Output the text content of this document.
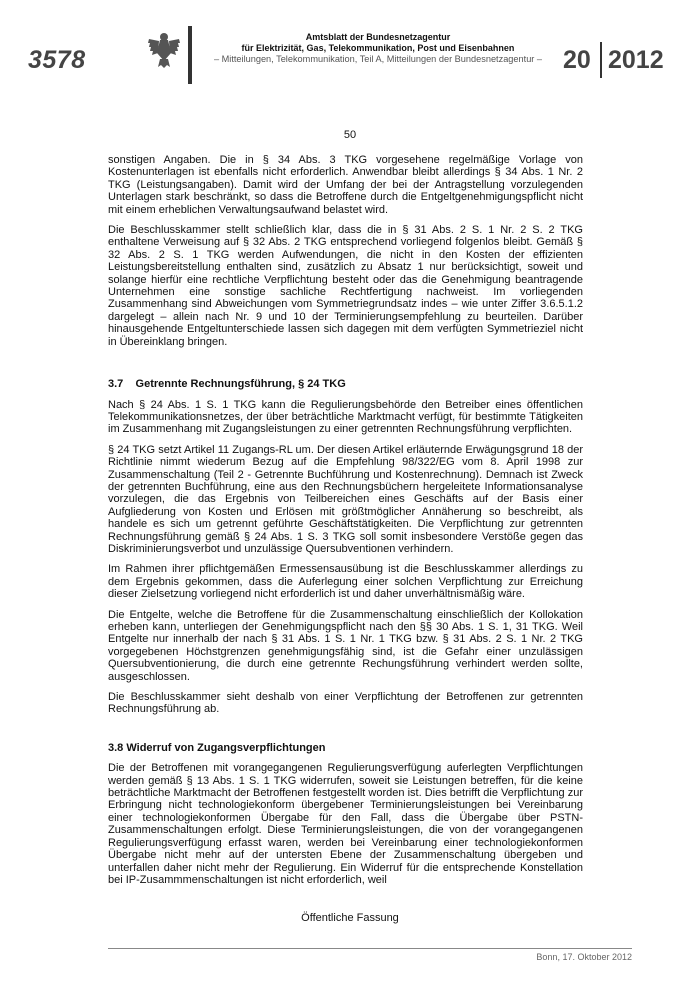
3578
Amtsblatt der Bundesnetzagentur
für Elektrizität, Gas, Telekommunikation, Post und Eisenbahnen
– Mitteilungen, Telekommunikation, Teil A, Mitteilungen der Bundesnetzagentur – 20 2012
50

sonstigen Angaben. Die in § 34 Abs. 3 TKG vorgesehene regelmäßige Vorlage von Kostenunterlagen ist ebenfalls nicht erforderlich. Anwendbar bleibt allerdings § 34 Abs. 1 Nr. 2 TKG (Leistungsangaben). Damit wird der Umfang der bei der Antragstellung vorzulegenden Unterlagen stark beschränkt, so dass die Betroffene durch die Entgeltgenehmigungspflicht nicht mit einem erheblichen Verwaltungsaufwand belastet wird.

Die Beschlusskammer stellt schließlich klar, dass die in § 31 Abs. 2 S. 1 Nr. 2 S. 2 TKG enthaltene Verweisung auf § 32 Abs. 2 TKG entsprechend vorliegend folgenlos bleibt. Gemäß § 32 Abs. 2 S. 1 TKG werden Aufwendungen, die nicht in den Kosten der effizienten Leistungsbereitstellung enthalten sind, zusätzlich zu Absatz 1 nur berücksichtigt, soweit und solange hierfür eine rechtliche Verpflichtung besteht oder das die Genehmigung beantragende Unternehmen eine sonstige sachliche Rechtfertigung nachweist. Im vorliegenden Zusammenhang sind Abweichungen vom Symmetriegrundsatz indes – wie unter Ziffer 3.6.5.1.2 dargelegt – allein nach Nr. 9 und 10 der Terminierungsempfehlung zu beurteilen. Darüber hinausgehende Entgeltunterschiede lassen sich dagegen mit dem verfügten Symmetrieziel nicht in Übereinklang bringen.

3.7    Getrennte Rechnungsführung, § 24 TKG

Nach § 24 Abs. 1 S. 1 TKG kann die Regulierungsbehörde den Betreiber eines öffentlichen Telekommunikationsnetzes, der über beträchtliche Marktmacht verfügt, für bestimmte Tätigkeiten im Zusammenhang mit Zugangsleistungen zu einer getrennten Rechnungsführung verpflichten.

§ 24 TKG setzt Artikel 11 Zugangs-RL um. Der diesen Artikel erläuternde Erwägungsgrund 18 der Richtlinie nimmt wiederum Bezug auf die Empfehlung 98/322/EG vom 8. April 1998 zur Zusammenschaltung (Teil 2 - Getrennte Buchführung und Kostenrechnung). Demnach ist Zweck der getrennten Buchführung, eine aus den Rechnungsbüchern hergeleitete Informationsanalyse vorzulegen, die das Ergebnis von Teilbereichen eines Geschäfts auf der Basis einer Aufgliederung von Kosten und Erlösen mit größtmöglicher Annäherung so beschreibt, als handele es sich um getrennt geführte Geschäftstätigkeiten. Die Verpflichtung zur getrennten Rechnungsführung gemäß § 24 Abs. 1 S. 3 TKG soll somit insbesondere Verstöße gegen das Diskriminierungsverbot und unzulässige Quersubventionen verhindern.

Im Rahmen ihrer pflichtgemäßen Ermessensausübung ist die Beschlusskammer allerdings zu dem Ergebnis gekommen, dass die Auferlegung einer solchen Verpflichtung zur Erreichung dieser Zielsetzung vorliegend nicht erforderlich ist und daher unverhältnismäßig wäre.

Die Entgelte, welche die Betroffene für die Zusammenschaltung einschließlich der Kollokation erheben kann, unterliegen der Genehmigungspflicht nach den §§ 30 Abs. 1 S. 1, 31 TKG. Weil Entgelte nur innerhalb der nach § 31 Abs. 1 S. 1 Nr. 1 TKG bzw. § 31 Abs. 2 S. 1 Nr. 2 TKG vorgegebenen Höchstgrenzen genehmigungsfähig sind, ist die Gefahr einer unzulässigen Quersubventionierung, die durch eine getrennte Rechungsführung verhindert werden sollte, ausgeschlossen.

Die Beschlusskammer sieht deshalb von einer Verpflichtung der Betroffenen zur getrennten Rechnungsführung ab.

3.8 Widerruf von Zugangsverpflichtungen

Die der Betroffenen mit vorangegangenen Regulierungsverfügung auferlegten Verpflichtungen werden gemäß § 13 Abs. 1 S. 1 TKG widerrufen, soweit sie Leistungen betreffen, für die keine beträchtliche Marktmacht der Betroffenen festgestellt worden ist. Dies betrifft die Verpflichtung zur Erbringung nicht technologiekonform übergebener Terminierungsleistungen bei Vereinbarung einer technologiekonformen Übergabe für den Fall, dass die Übergabe über PSTN-Zusammenschaltungen erfolgt. Diese Terminierungsleistungen, die von der vorangegangenen Regulierungsverfügung erfasst waren, werden bei Vereinbarung einer technologiekonformen Übergabe nicht mehr auf der untersten Ebene der Zusammenschaltung übergeben und unterfallen daher nicht mehr der Regulierung. Ein Widerruf für die entsprechende Konstellation bei IP-Zusammmenschaltungen ist nicht erforderlich, weil

Öffentliche Fassung
Bonn, 17. Oktober 2012
